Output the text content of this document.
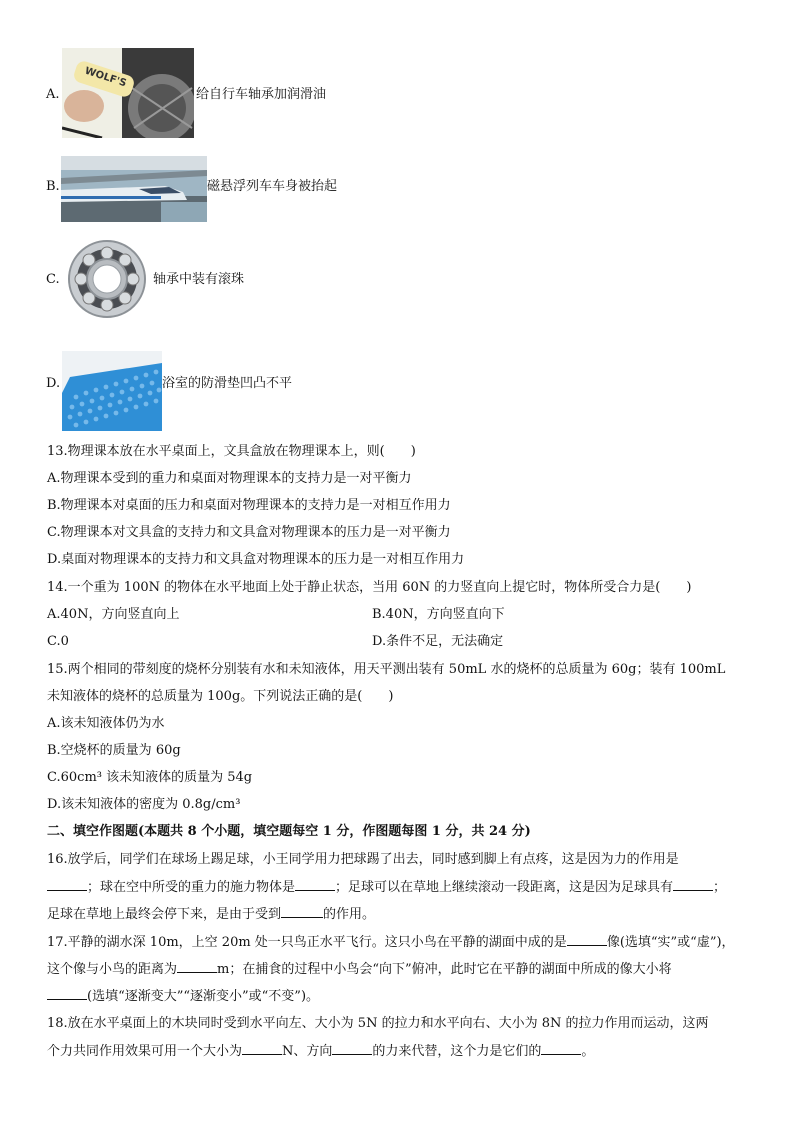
A.
WOLF'S
给自行车轴承加润滑油
B.	磁悬浮列车车身被抬起
C.	轴承中装有滚珠
D.	浴室的防滑垫凹凸不平
13.物理课本放在水平桌面上，文具盒放在物理课本上，则(　　)
A.物理课本受到的重力和桌面对物理课本的支持力是一对平衡力
B.物理课本对桌面的压力和桌面对物理课本的支持力是一对相互作用力
C.物理课本对文具盒的支持力和文具盒对物理课本的压力是一对平衡力
D.桌面对物理课本的支持力和文具盒对物理课本的压力是一对相互作用力
14.一个重为 100N 的物体在水平地面上处于静止状态，当用 60N 的力竖直向上提它时，物体所受合力是(　　)
A.40N，方向竖直向上	B.40N，方向竖直向下
C.0	D.条件不足，无法确定
15.两个相同的带刻度的烧杯分别装有水和未知液体，用天平测出装有 50mL 水的烧杯的总质量为 60g；装有 100mL
未知液体的烧杯的总质量为 100g。下列说法正确的是(　　)
A.该未知液体仍为水
B.空烧杯的质量为 60g
C.60cm³ 该未知液体的质量为 54g
D.该未知液体的密度为 0.8g/cm³
二、填空作图题(本题共 8 个小题，填空题每空 1 分，作图题每图 1 分，共 24 分)
16.放学后，同学们在球场上踢足球，小王同学用力把球踢了出去，同时感到脚上有点疼，这是因为力的作用是
；球在空中所受的重力的施力物体是	；足球可以在草地上继续滚动一段距离，这是因为足球具有	；
足球在草地上最终会停下来，是由于受到	的作用。
17.平静的湖水深 10m，上空 20m 处一只鸟正水平飞行。这只小鸟在平静的湖面中成的是	像(选填“实”或“虚”)，
这个像与小鸟的距离为	m；在捕食的过程中小鸟会“向下”俯冲，此时它在平静的湖面中所成的像大小将
(选填“逐渐变大”“逐渐变小”或“不变”)。
18.放在水平桌面上的木块同时受到水平向左、大小为 5N 的拉力和水平向右、大小为 8N 的拉力作用而运动，这两
个力共同作用效果可用一个大小为	N、方向	的力来代替，这个力是它们的	。
